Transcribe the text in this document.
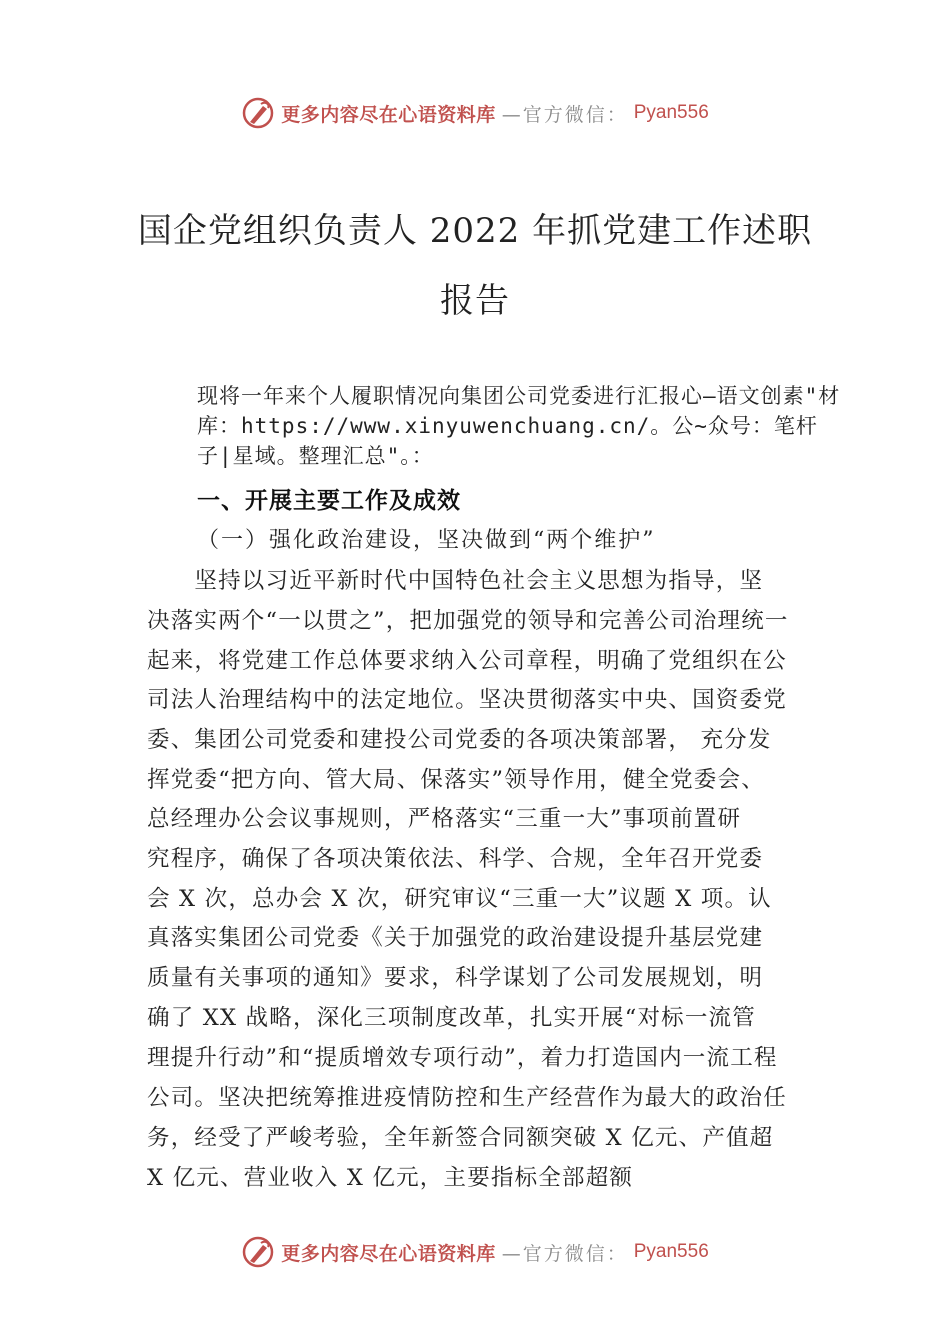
更多内容尽在心语资料库 —官方微信： Pyan556
国企党组织负责人 2022 年抓党建工作述职
报告
现将一年来个人履职情况向集团公司党委进行汇报心—语文创素"材库：https://www.xinyuwenchuang.cn/。公~众号：笔杆子|星域。整理汇总"。：
一、开展主要工作及成效
（一）强化政治建设，坚决做到“两个维护”
　　坚持以习近平新时代中国特色社会主义思想为指导，坚
决落实两个“一以贯之”，把加强党的领导和完善公司治理统一
起来，将党建工作总体要求纳入公司章程，明确了党组织在公
司法人治理结构中的法定地位。坚决贯彻落实中央、国资委党
委、集团公司党委和建投公司党委的各项决策部署， 充分发
挥党委“把方向、管大局、保落实”领导作用，健全党委会、
总经理办公会议事规则，严格落实“三重一大”事项前置研
究程序，确保了各项决策依法、科学、合规，全年召开党委
会 X 次，总办会 X 次，研究审议“三重一大”议题 X 项。认
真落实集团公司党委《关于加强党的政治建设提升基层党建
质量有关事项的通知》要求，科学谋划了公司发展规划，明
确了 XX 战略，深化三项制度改革，扎实开展“对标一流管
理提升行动”和“提质增效专项行动”，着力打造国内一流工程
公司。坚决把统筹推进疫情防控和生产经营作为最大的政治任
务，经受了严峻考验，全年新签合同额突破 X 亿元、产值超
X 亿元、营业收入 X 亿元，主要指标全部超额
更多内容尽在心语资料库 —官方微信： Pyan556
